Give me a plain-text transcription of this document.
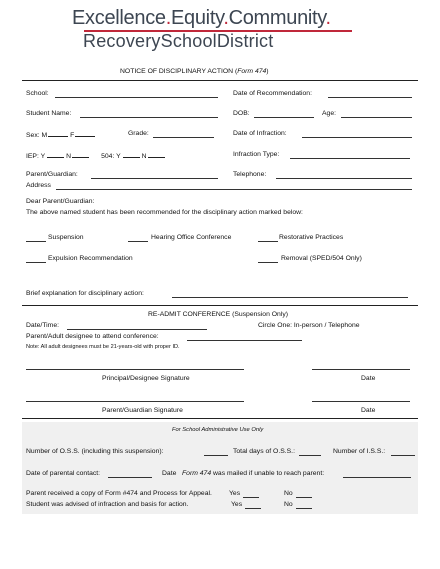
Excellence.Equity.Community.
RecoverySchoolDistrict
NOTICE OF DISCIPLINARY ACTION (Form 474)
School:	Date of Recommendation:
Student Name:	DOB:	Age:
Sex: M	F	Grade:	Date of Infraction:
IEP: Y	N	504: Y	N	Infraction Type:
Parent/Guardian:	Telephone:
Address
Dear Parent/Guardian:
The above named student has been recommended for the disciplinary action marked below:
Suspension	Hearing Office Conference	Restorative Practices
Expulsion Recommendation	Removal (SPED/504 Only)
Brief explanation for disciplinary action:
RE-ADMIT CONFERENCE (Suspension Only)
Date/Time:	Circle One: In-person / Telephone
Parent/Adult designee to attend conference:
Note: All adult designees must be 21-years-old with proper ID.
Principal/Designee Signature	Date
Parent/Guardian Signature	Date
For School Administrative Use Only
Number of O.S.S. (including this suspension):	Total days of O.S.S.:	Number of I.S.S.:
Date of parental contact:	Date Form 474 was mailed if unable to reach parent:
Parent received a copy of Form #474 and Process for Appeal.	Yes	No
Student was advised of infraction and basis for action.	Yes	No
